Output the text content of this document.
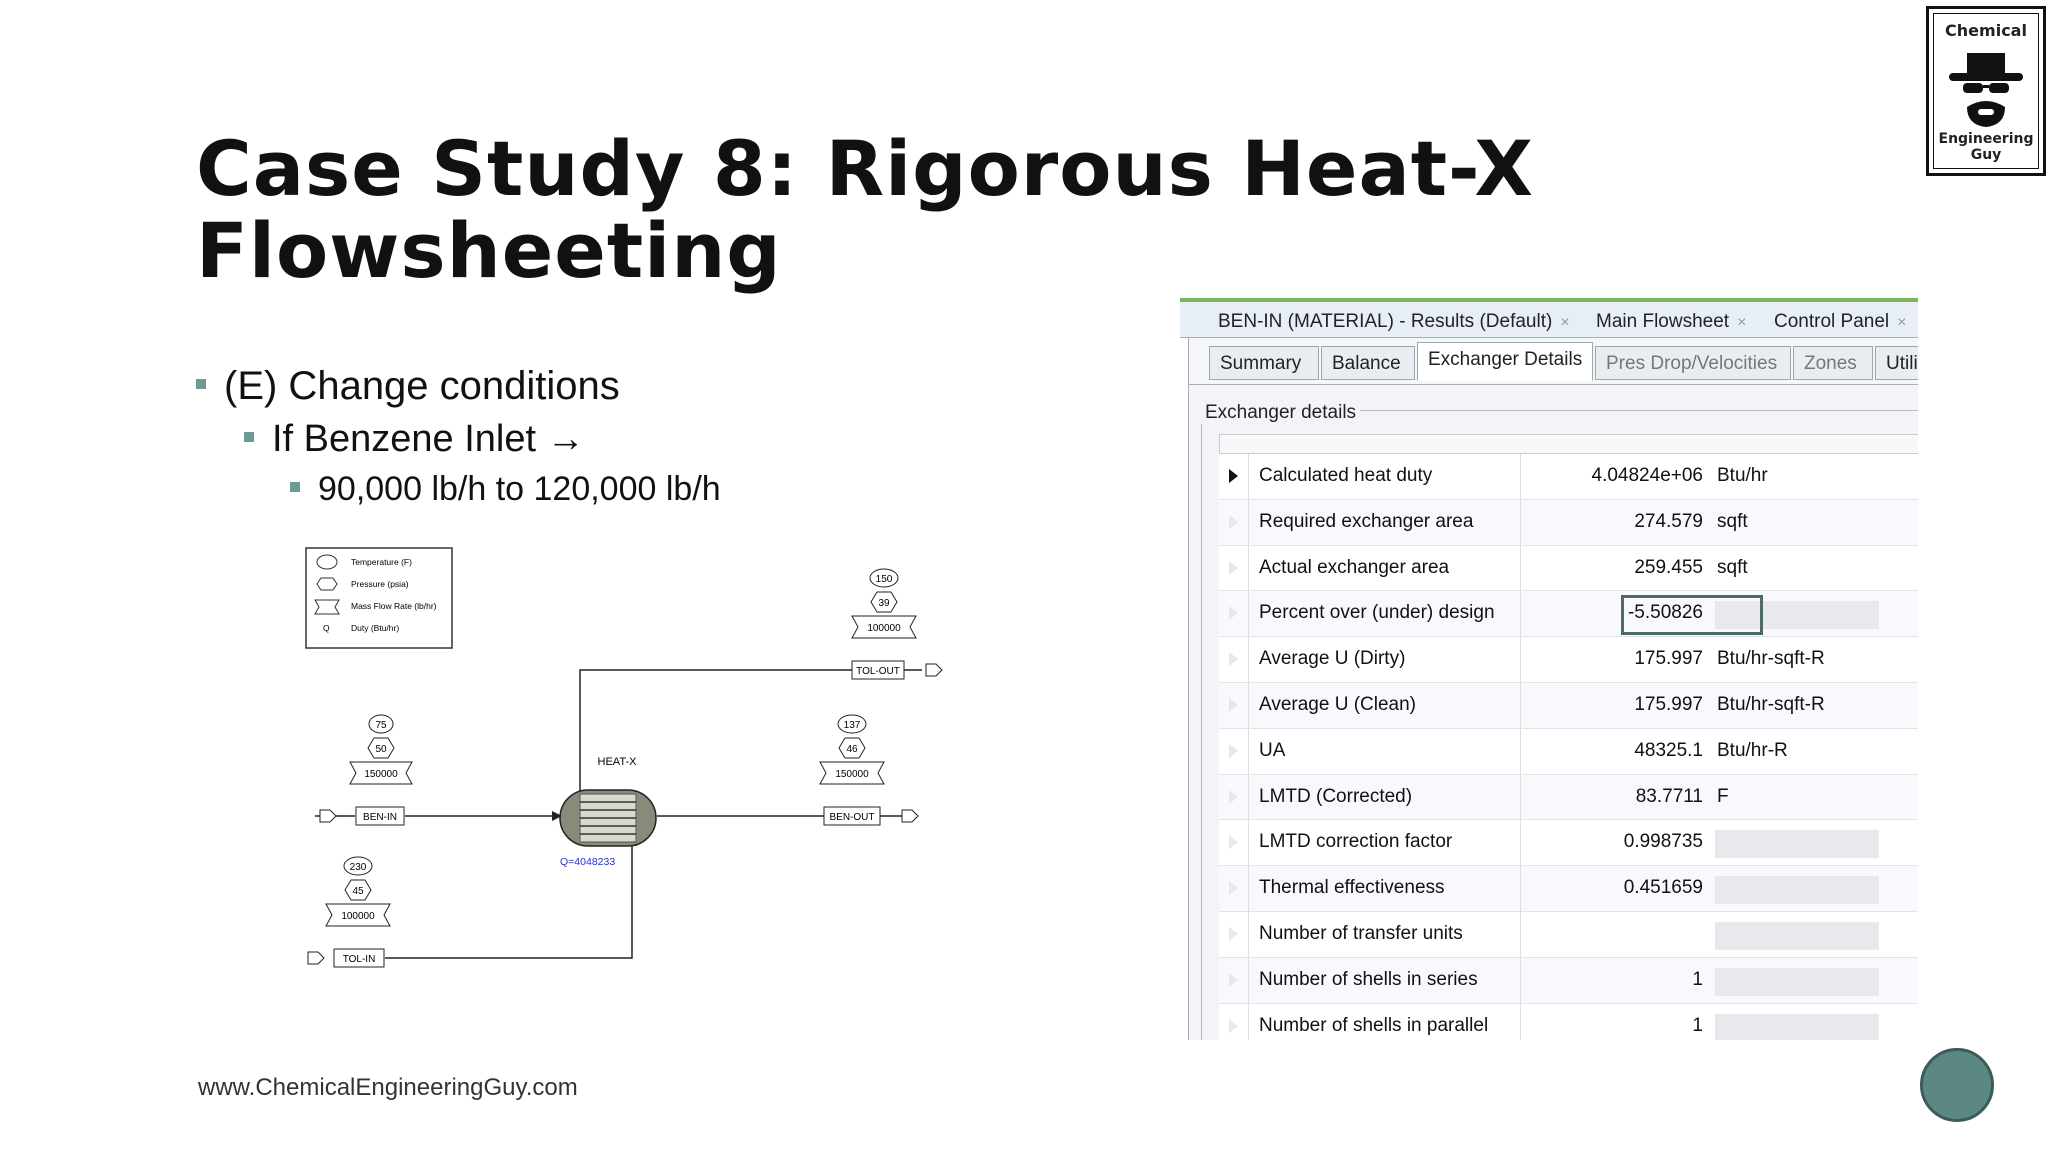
Case Study 8: Rigorous Heat-X
Flowsheeting
Chemical
Engineering Guy
(E) Change conditions
If Benzene Inlet →
90,000 lb/h to 120,000 lb/h
Temperature (F)
Pressure (psia)
Mass Flow Rate (lb/hr)
Q	Duty (Btu/hr)
HEAT-X
Q=4048233
75
50
150000
BEN-IN
137
46
150000
BEN-OUT
150
39
100000
TOL-OUT
230
45
100000
TOL-IN
BEN-IN (MATERIAL) - Results (Default) × Main Flowsheet × Control Panel ×
Summary	Balance	Exchanger Details	Pres Drop/Velocities	Zones	Utili
Exchanger details
Calculated heat duty	4.04824e+06 Btu/hr
Required exchanger area	274.579 sqft
Actual exchanger area	259.455 sqft
Percent over (under) design	-5.50826
Average U (Dirty)	175.997 Btu/hr-sqft-R
Average U (Clean)	175.997 Btu/hr-sqft-R
UA	48325.1 Btu/hr-R
LMTD (Corrected)	83.7711 F
LMTD correction factor	0.998735
Thermal effectiveness	0.451659
Number of transfer units
Number of shells in series	1
Number of shells in parallel	1
www.ChemicalEngineeringGuy.com
